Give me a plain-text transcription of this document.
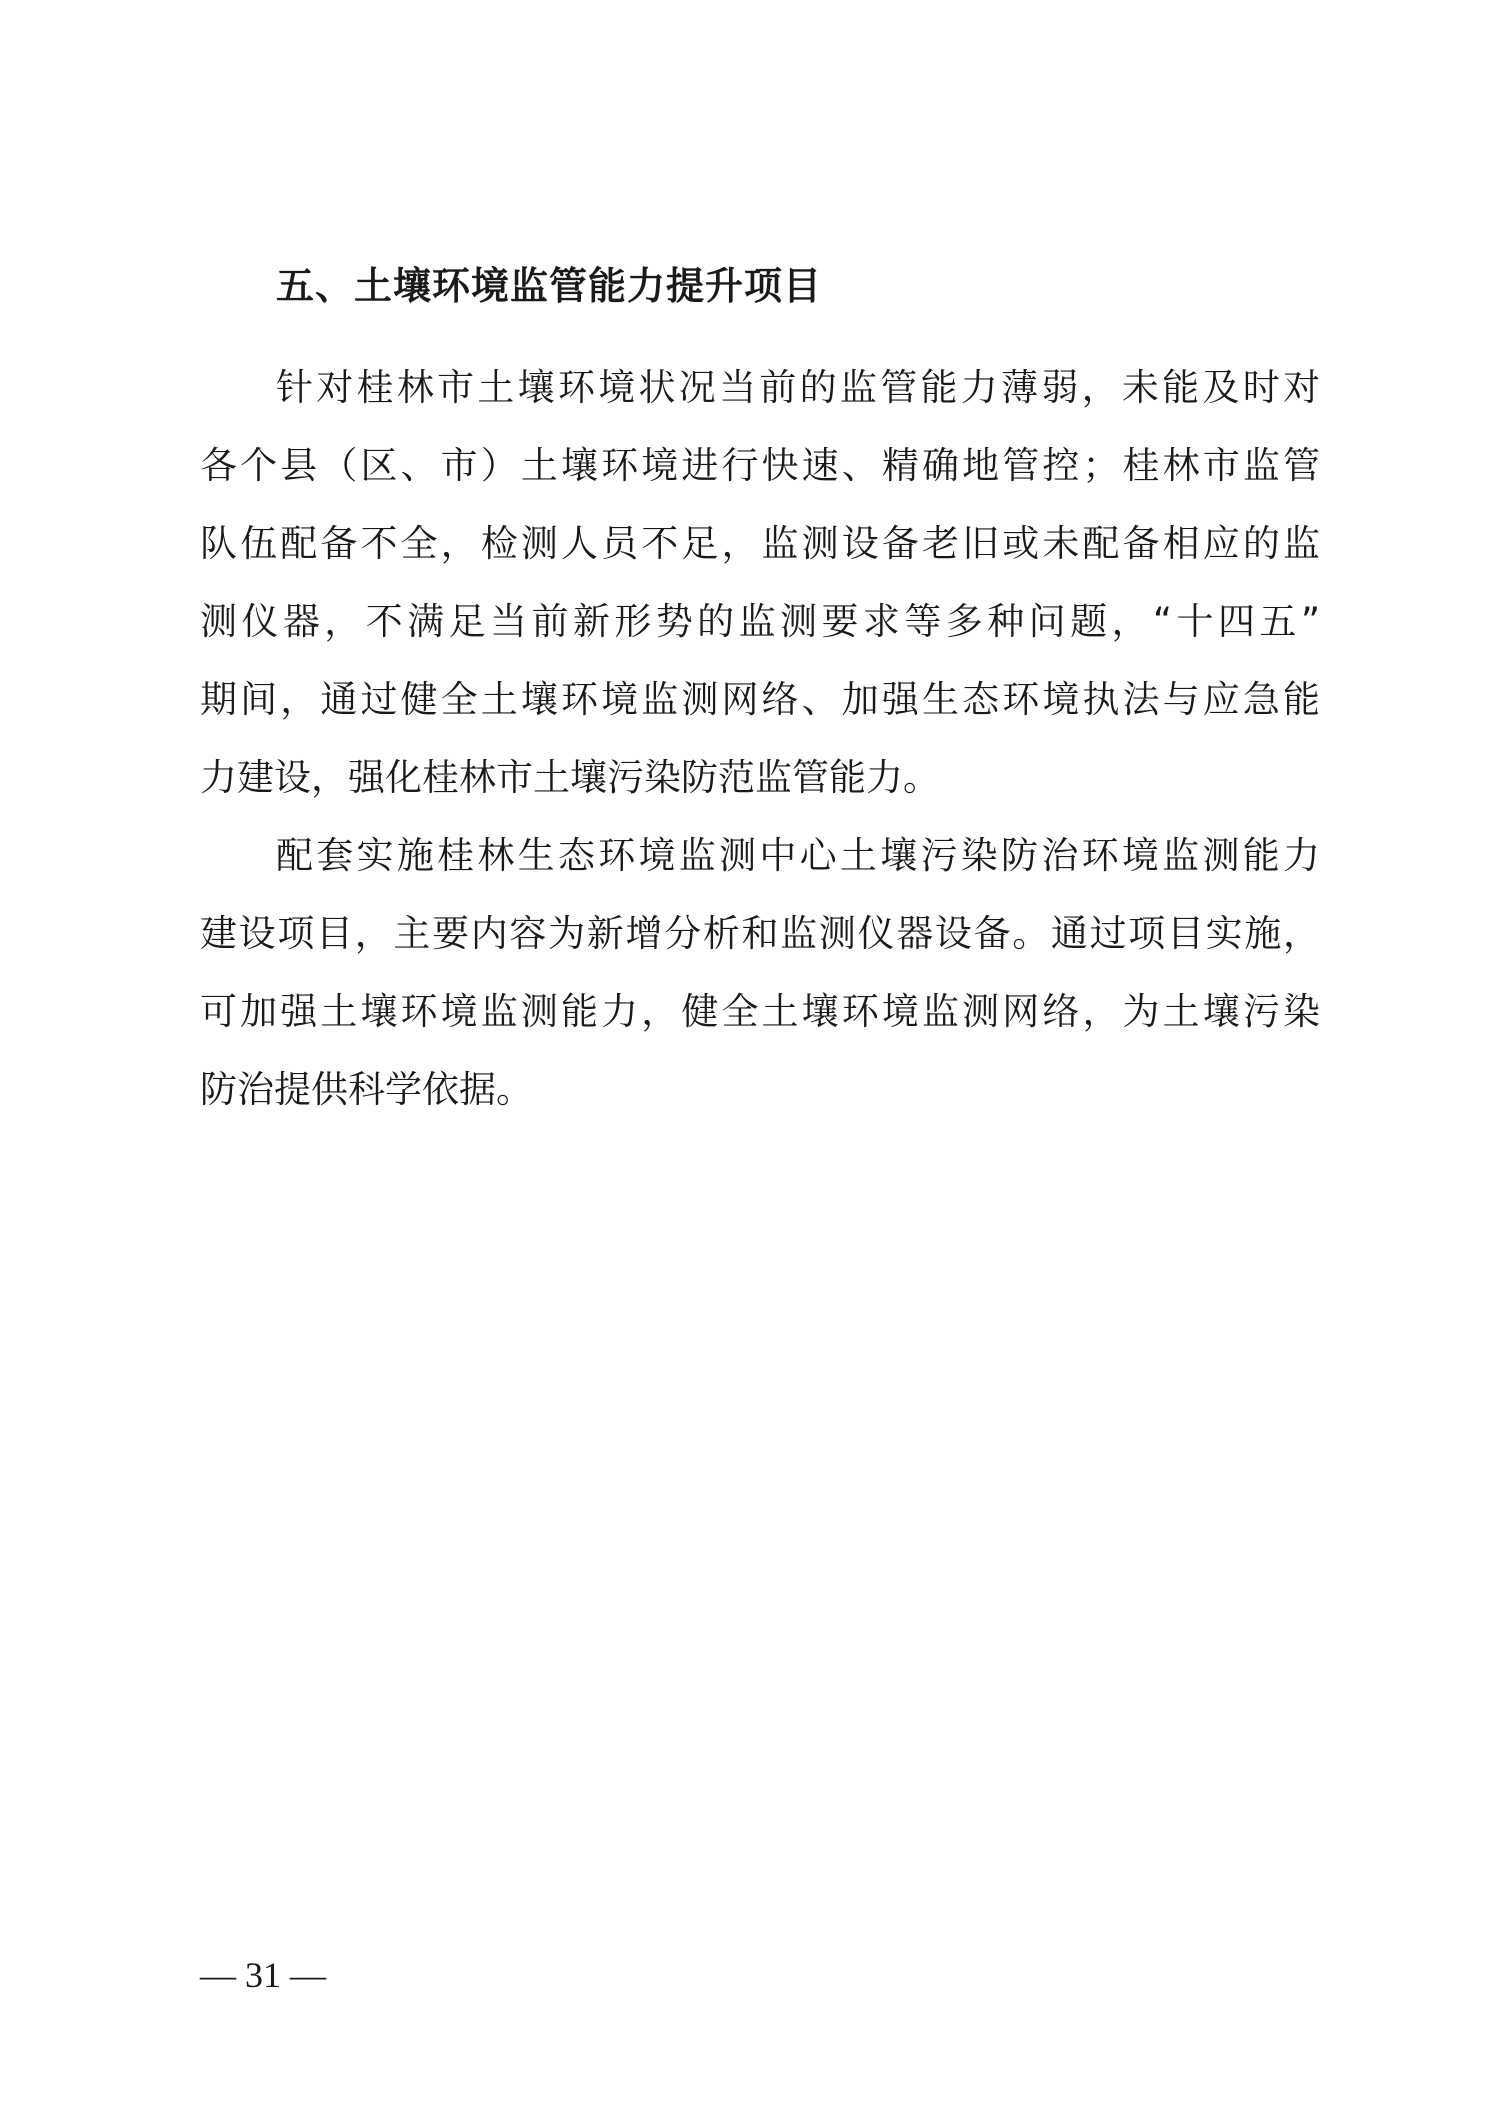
五、土壤环境监管能力提升项目
针对桂林市土壤环境状况当前的监管能力薄弱，未能及时对
各个县（区、市）土壤环境进行快速、精确地管控；桂林市监管
队伍配备不全，检测人员不足，监测设备老旧或未配备相应的监
测仪器，不满足当前新形势的监测要求等多种问题，“十四五”
期间，通过健全土壤环境监测网络、加强生态环境执法与应急能
力建设，强化桂林市土壤污染防范监管能力。
配套实施桂林生态环境监测中心土壤污染防治环境监测能力
建设项目，主要内容为新增分析和监测仪器设备。通过项目实施，
可加强土壤环境监测能力，健全土壤环境监测网络，为土壤污染
防治提供科学依据。
— 31 —
